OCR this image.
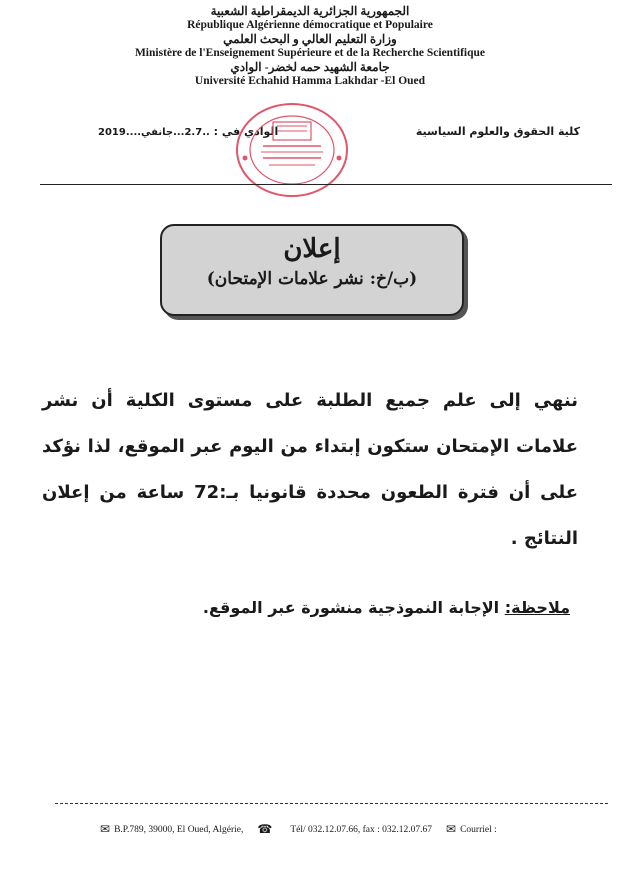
الجمهورية الجزائرية الديمقراطية الشعبية
République Algérienne démocratique et Populaire
وزارة التعليم العالي و البحث العلمي
Ministère de l'Enseignement Supérieure et de la Recherche Scientifique
جامعة الشهيد حمه لخضر- الوادي
Université Echahid Hamma Lakhdar -El Oued
كلية الحقوق والعلوم السياسية
الوادي في : ..2.7...جانفي....2019
إعلان
(ب/خ: نشر علامات الإمتحان)
ننهي إلى علم جميع الطلبة على مستوى الكلية أن نشر علامات الإمتحان ستكون إبتداء من اليوم عبر الموقع، لذا نؤكد على أن فترة الطعون محددة قانونيا بـ:72 ساعة من إعلان النتائج .
ملاحظة: الإجابة النموذجية منشورة عبر الموقع.
✉ B.P.789, 39000, El Oued, Algérie, ☎ Tél/ 032.12.07.66, fax : 032.12.07.67 ✉ Courriel :
